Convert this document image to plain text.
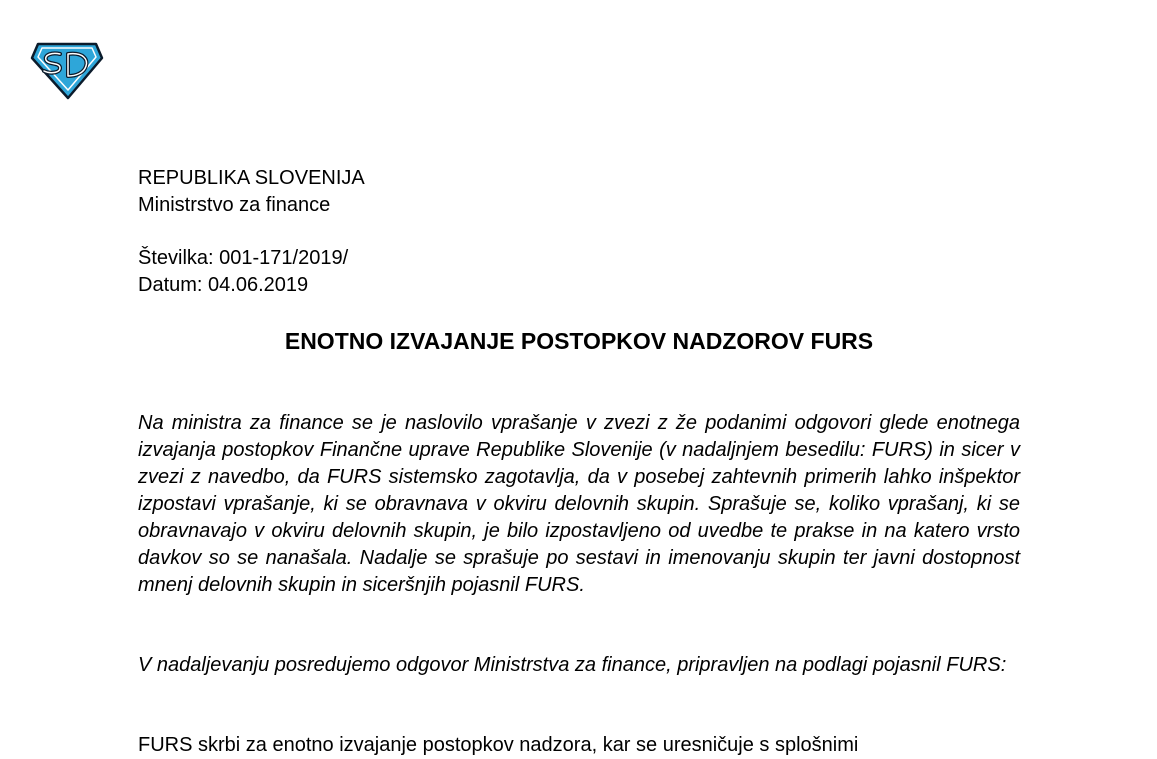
REPUBLIKA SLOVENIJA
Ministrstvo za finance
Številka: 001-171/2019/
Datum: 04.06.2019
ENOTNO IZVAJANJE POSTOPKOV NADZOROV FURS

Na ministra za finance se je naslovilo vprašanje v zvezi z že podanimi odgovori glede enotnega izvajanja postopkov Finančne uprave Republike Slovenije (v nadaljnjem besedilu: FURS) in sicer v zvezi z navedbo, da FURS sistemsko zagotavlja, da v posebej zahtevnih primerih lahko inšpektor izpostavi vprašanje, ki se obravnava v okviru delovnih skupin. Sprašuje se, koliko vprašanj, ki se obravnavajo v okviru delovnih skupin, je bilo izpostavljeno od uvedbe te prakse in na katero vrsto davkov so se nanašala. Nadalje se sprašuje po sestavi in imenovanju skupin ter javni dostopnost mnenj delovnih skupin in siceršnjih pojasnil FURS.

V nadaljevanju posredujemo odgovor Ministrstva za finance, pripravljen na podlagi pojasnil FURS:

FURS skrbi za enotno izvajanje postopkov nadzora, kar se uresničuje s splošnimi
